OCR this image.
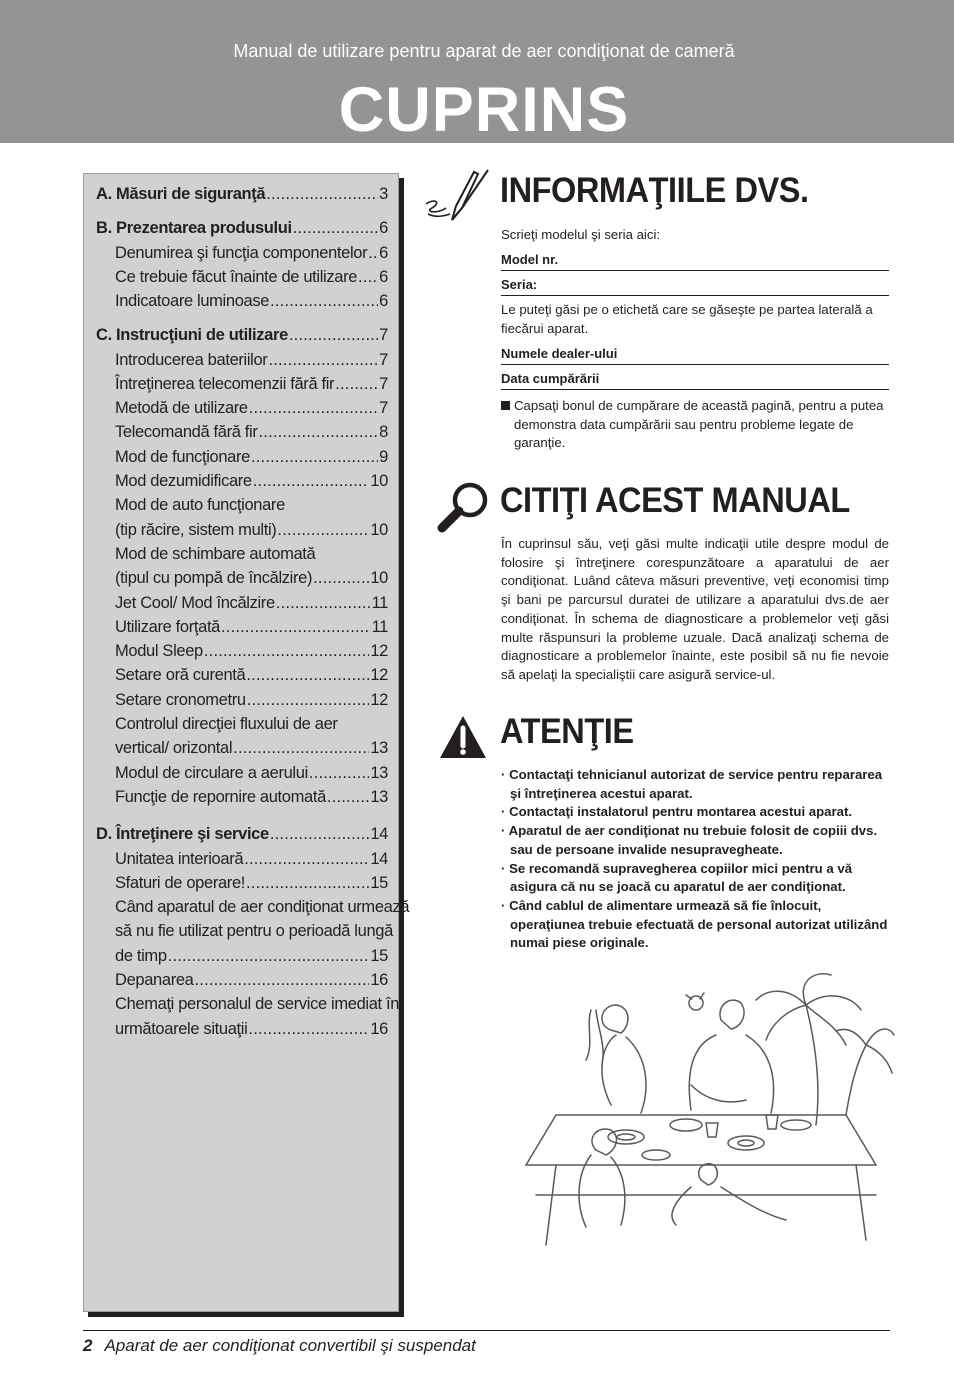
Manual de utilizare pentru aparat de aer condiţionat de cameră
CUPRINS
A. Măsuri de siguranţă .....	3
B. Prezentarea produsului .....	6
Denumirea şi funcţia componentelor ..... 6
Ce trebuie făcut înainte de utilizare ..... 6
Indicatoare luminoase .....	6
C. Instrucţiuni de utilizare .....	7
Introducerea bateriilor .....	7
Întreţinerea telecomenzii fără fir .....	7
Metodă de utilizare .....	7
Telecomandă fără fir .....	8
Mod de funcţionare .....	9
Mod dezumidificare .....	10
Mod de auto funcţionare
(tip răcire, sistem multi) .....	10
Mod de schimbare automată
(tipul cu pompă de încălzire) .....	10
Jet Cool/ Mod încălzire .....	11
Utilizare forţată .....	11
Modul Sleep .....	12
Setare oră curentă .....	12
Setare cronometru .....	12
Controlul direcţiei fluxului de aer
vertical/ orizontal .....	13
Modul de circulare a aerului .....	13
Funcţie de repornire automată .....	13
D. Întreţinere şi service .....	14
Unitatea interioară .....	14
Sfaturi de operare! .....	15
Când aparatul de aer condiţionat urmează
să nu fie utilizat pentru o perioadă lungă
de timp .....	15
Depanarea .....	16
Chemaţi personalul de service imediat în
următoarele situaţii .....	16
INFORMAŢIILE DVS.
Scrieţi modelul şi seria aici:
Model nr.
Seria:
Le puteţi găsi pe o etichetă care se găseşte pe partea laterală a fiecărui aparat.
Numele dealer-ului
Data cumpărării
Capsaţi bonul de cumpărare de această pagină, pentru a putea demonstra data cumpărării sau pentru probleme legate de garanţie.
CITIŢI ACEST MANUAL
În cuprinsul său, veţi găsi multe indicaţii utile despre modul de folosire şi întreţinere corespunzătoare a aparatului de aer condiţionat. Luând câteva măsuri preventive, veţi economisi timp şi bani pe parcursul duratei de utilizare a aparatului dvs.de aer condiţionat. În schema de diagnosticare a problemelor veţi găsi multe răspunsuri la probleme uzuale. Dacă analizaţi schema de diagnosticare a problemelor înainte, este posibil să nu fie nevoie să apelaţi la specialiştii care asigură service-ul.
ATENŢIE
· Contactaţi tehnicianul autorizat de service pentru repararea şi întreţinerea acestui aparat.
· Contactaţi instalatorul pentru montarea acestui aparat.
· Aparatul de aer condiţionat nu trebuie folosit de copiii dvs. sau de persoane invalide nesupravegheate.
· Se recomandă supravegherea copiilor mici pentru a vă asigura că nu se joacă cu aparatul de aer condiţionat.
· Când cablul de alimentare urmează să fie înlocuit, operaţiunea trebuie efectuată de personal autorizat utilizând numai piese originale.
2 Aparat de aer condiţionat convertibil şi suspendat
